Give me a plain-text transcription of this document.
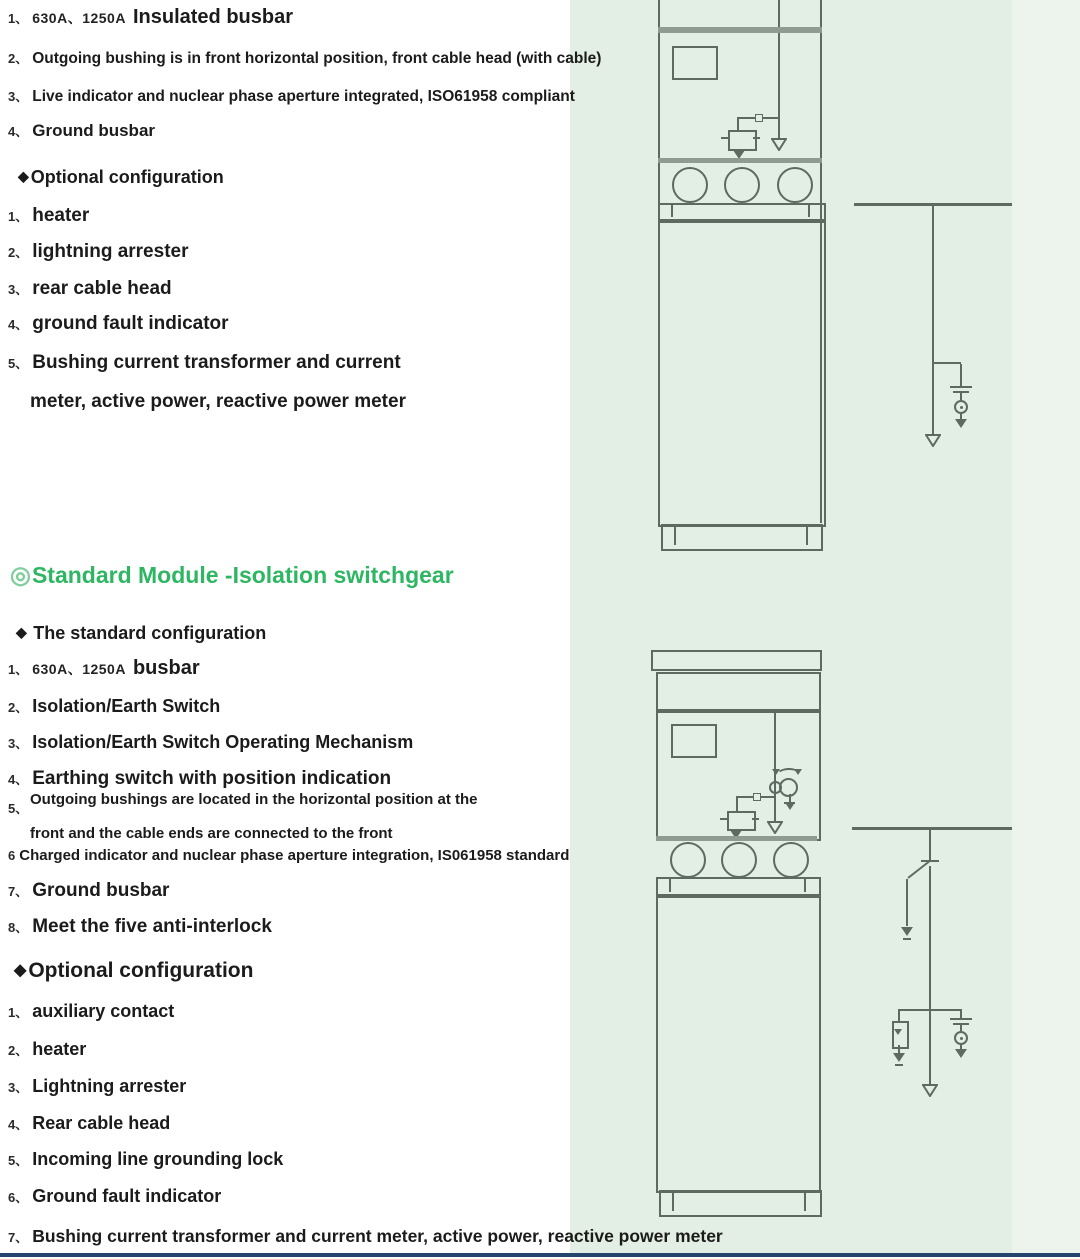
1、 630A、1250A Insulated busbar
2、 Outgoing bushing is in front horizontal position, front cable head (with cable)
3、 Live indicator and nuclear phase aperture integrated, ISO61958 compliant
4、 Ground busbar
◆ Optional configuration
1、 heater
2、 lightning arrester
3、 rear cable head
4、 ground fault indicator
5、 Bushing current transformer and current
meter, active power, reactive power meter
◎Standard Module -Isolation switchgear
◆ The standard configuration
1、 630A、1250A busbar
2、 Isolation/Earth Switch
3、 Isolation/Earth Switch Operating Mechanism
4、 Earthing switch with position indication
5、
Outgoing bushings are located in the horizontal position at the
front and the cable ends are connected to the front
6 Charged indicator and nuclear phase aperture integration, IS061958 standard
7、 Ground busbar
8、 Meet the five anti-interlock
◆Optional configuration
1、 auxiliary contact
2、 heater
3、 Lightning arrester
4、 Rear cable head
5、 Incoming line grounding lock
6、 Ground fault indicator
7、 Bushing current transformer and current meter, active power, reactive power meter
